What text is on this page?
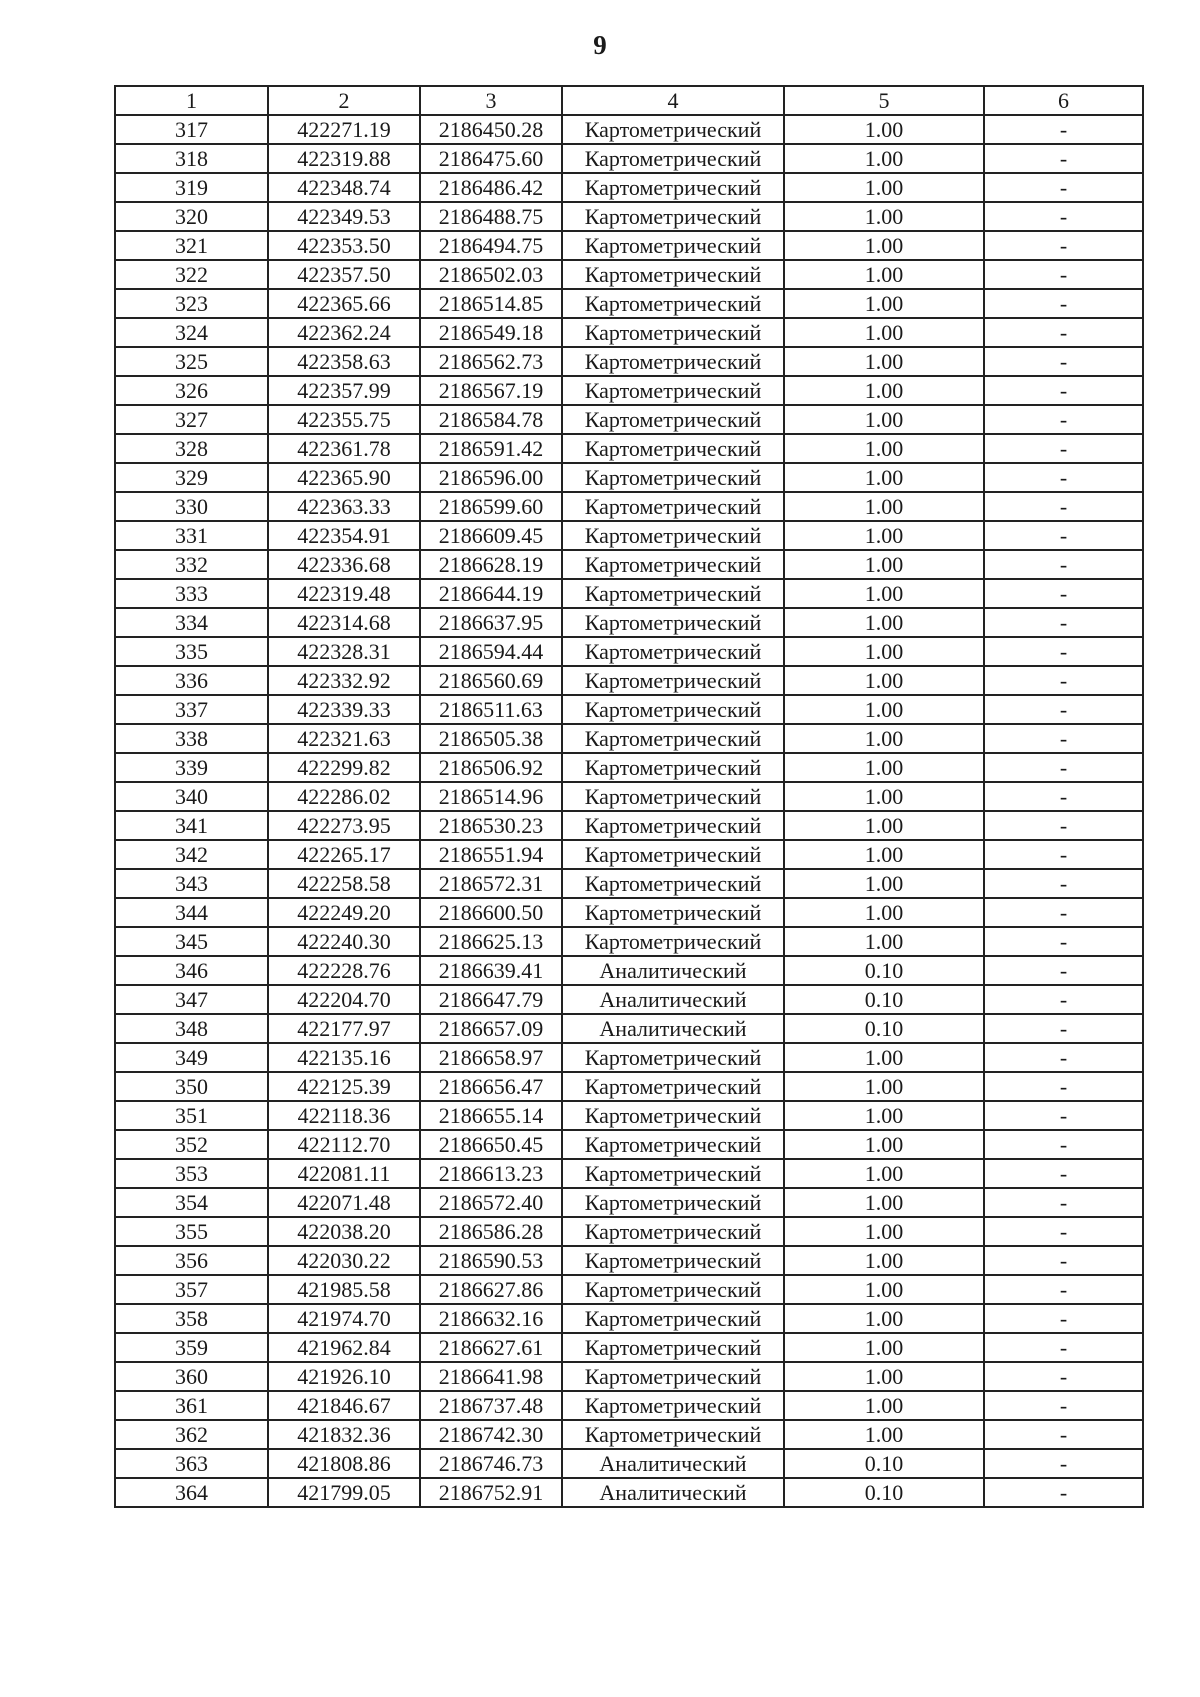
9
1	2	3	4	5	6
317	422271.19	2186450.28	Картометрический	1.00	-
318	422319.88	2186475.60	Картометрический	1.00	-
319	422348.74	2186486.42	Картометрический	1.00	-
320	422349.53	2186488.75	Картометрический	1.00	-
321	422353.50	2186494.75	Картометрический	1.00	-
322	422357.50	2186502.03	Картометрический	1.00	-
323	422365.66	2186514.85	Картометрический	1.00	-
324	422362.24	2186549.18	Картометрический	1.00	-
325	422358.63	2186562.73	Картометрический	1.00	-
326	422357.99	2186567.19	Картометрический	1.00	-
327	422355.75	2186584.78	Картометрический	1.00	-
328	422361.78	2186591.42	Картометрический	1.00	-
329	422365.90	2186596.00	Картометрический	1.00	-
330	422363.33	2186599.60	Картометрический	1.00	-
331	422354.91	2186609.45	Картометрический	1.00	-
332	422336.68	2186628.19	Картометрический	1.00	-
333	422319.48	2186644.19	Картометрический	1.00	-
334	422314.68	2186637.95	Картометрический	1.00	-
335	422328.31	2186594.44	Картометрический	1.00	-
336	422332.92	2186560.69	Картометрический	1.00	-
337	422339.33	2186511.63	Картометрический	1.00	-
338	422321.63	2186505.38	Картометрический	1.00	-
339	422299.82	2186506.92	Картометрический	1.00	-
340	422286.02	2186514.96	Картометрический	1.00	-
341	422273.95	2186530.23	Картометрический	1.00	-
342	422265.17	2186551.94	Картометрический	1.00	-
343	422258.58	2186572.31	Картометрический	1.00	-
344	422249.20	2186600.50	Картометрический	1.00	-
345	422240.30	2186625.13	Картометрический	1.00	-
346	422228.76	2186639.41	Аналитический	0.10	-
347	422204.70	2186647.79	Аналитический	0.10	-
348	422177.97	2186657.09	Аналитический	0.10	-
349	422135.16	2186658.97	Картометрический	1.00	-
350	422125.39	2186656.47	Картометрический	1.00	-
351	422118.36	2186655.14	Картометрический	1.00	-
352	422112.70	2186650.45	Картометрический	1.00	-
353	422081.11	2186613.23	Картометрический	1.00	-
354	422071.48	2186572.40	Картометрический	1.00	-
355	422038.20	2186586.28	Картометрический	1.00	-
356	422030.22	2186590.53	Картометрический	1.00	-
357	421985.58	2186627.86	Картометрический	1.00	-
358	421974.70	2186632.16	Картометрический	1.00	-
359	421962.84	2186627.61	Картометрический	1.00	-
360	421926.10	2186641.98	Картометрический	1.00	-
361	421846.67	2186737.48	Картометрический	1.00	-
362	421832.36	2186742.30	Картометрический	1.00	-
363	421808.86	2186746.73	Аналитический	0.10	-
364	421799.05	2186752.91	Аналитический	0.10	-
